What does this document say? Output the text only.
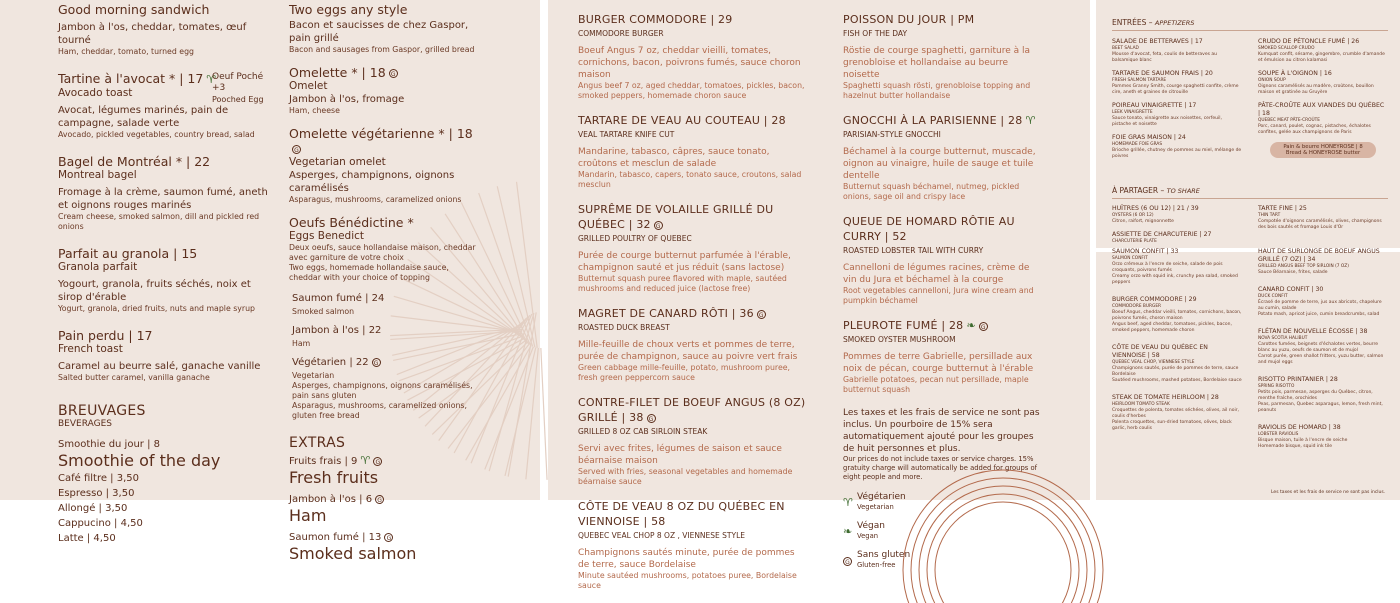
Good morning sandwich
Jambon à l'os, cheddar, tomates, œuf tourné
Ham, cheddar, tomato, turned egg
Tartine à l'avocat * | 17 ♈
Avocado toast
Avocat, légumes marinés, pain de campagne, salade verte
Avocado, pickled vegetables, country bread, salad
Oeuf Poché +3
Pooched Egg
Bagel de Montréal * | 22
Montreal bagel
Fromage à la crème, saumon fumé, aneth et oignons rouges marinés
Cream cheese, smoked salmon, dill and pickled red onions
Parfait au granola | 15
Granola parfait
Yogourt, granola, fruits séchés, noix et sirop d'érable
Yogurt, granola, dried fruits, nuts and maple syrup
Pain perdu | 17
French toast
Caramel au beurre salé, ganache vanille
Salted butter caramel, vanilla ganache
BREUVAGES
BEVERAGES
Smoothie du jour | 8
Smoothie of the day
Café filtre | 3,50
Espresso | 3,50
Allongé | 3,50
Cappucino | 4,50
Latte | 4,50
Two eggs any style
Bacon et saucisses de chez Gaspor, pain grillé
Bacon and sausages from Gaspor, grilled bread
Omelette * | 18 G
Omelet
Jambon à l'os, fromage
Ham, cheese
Omelette végétarienne * | 18G
Vegetarian omelet
Asperges, champignons, oignons caramélisés
Asparagus, mushrooms, caramelized onions
Oeufs Bénédictine *
Eggs Benedict
Deux oeufs, sauce hollandaise maison, cheddar avec garniture de votre choix
Two eggs, homemade hollandaise sauce, cheddar with your choice of topping
Saumon fumé | 24
Smoked salmon
Jambon à l'os | 22
Ham
Végétarien | 22 G
Vegetarian
Asperges, champignons, oignons caramélisés, pain sans gluten
Asparagus, mushrooms, caramelized onions, gluten free bread
EXTRAS
Fruits frais | 9 ♈ G
Fresh fruits
Jambon à l'os | 6 G
Ham
Saumon fumé | 13 G
Smoked salmon
BURGER COMMODORE | 29
COMMODORE BURGER
Boeuf Angus 7 oz, cheddar vieilli, tomates, cornichons, bacon, poivrons fumés, sauce choron maison
Angus beef 7 oz, aged cheddar, tomatoes, pickles, bacon, smoked peppers, homemade choron sauce
TARTARE DE VEAU AU COUTEAU | 28
VEAL TARTARE KNIFE CUT
Mandarine, tabasco, câpres, sauce tonato, croûtons et mesclun de salade
Mandarin, tabasco, capers, tonato sauce, croutons, salad mesclun
SUPRÊME DE VOLAILLE GRILLÉ DU QUÉBEC | 32 G
GRILLED POULTRY OF QUEBEC
Purée de courge butternut parfumée à l'érable, champignon sauté et jus réduit (sans lactose)
Butternut squash puree flavored with maple, sautéed mushrooms and reduced juice (lactose free)
MAGRET DE CANARD RÔTI | 36 G
ROASTED DUCK BREAST
Mille-feuille de choux verts et pommes de terre, purée de champignon, sauce au poivre vert frais
Green cabbage mille-feuille, potato, mushroom puree, fresh green peppercorn sauce
CONTRE-FILET DE BOEUF ANGUS (8 OZ) GRILLÉ | 38 G
GRILLED 8 OZ CAB SIRLOIN STEAK
Servi avec frites, légumes de saison et sauce béarnaise maison
Served with fries, seasonal vegetables and homemade béarnaise sauce
CÔTE DE VEAU 8 OZ DU QUÉBEC EN VIENNOISE | 58
QUEBEC VEAL CHOP 8 OZ , VIENNESE STYLE
Champignons sautés minute, purée de pommes de terre, sauce Bordelaise
Minute sautéed mushrooms, potatoes puree, Bordelaise sauce
POISSON DU JOUR | PM
FISH OF THE DAY
Röstie de courge spaghetti, garniture à la grenobloise et hollandaise au beurre noisette
Spaghetti squash rösti, grenobloise topping and hazelnut butter hollandaise
GNOCCHI À LA PARISIENNE | 28 ♈
PARISIAN-STYLE GNOCCHI
Béchamel à la courge butternut, muscade, oignon au vinaigre, huile de sauge et tuile dentelle
Butternut squash béchamel, nutmeg, pickled onions, sage oil and crispy lace
QUEUE DE HOMARD RÔTIE AU CURRY | 52
ROASTED LOBSTER TAIL WITH CURRY
Cannelloni de légumes racines, crème de vin du Jura et béchamel à la courge
Root vegetables cannelloni, Jura wine cream and pumpkin béchamel
PLEUROTE FUMÉ | 28 ❧ G
SMOKED OYSTER MUSHROOM
Pommes de terre Gabrielle, persillade aux noix de pécan, courge butternut à l'érable
Gabrielle potatoes, pecan nut persillade, maple butternut squash
Les taxes et les frais de service ne sont pas inclus. Un pourboire de 15% sera automatiquement ajouté pour les groupes de huit personnes et plus.
Our prices do not include taxes or service charges. 15% gratuity charge will automatically be added for groups of eight people and more.
♈ Végétarien
Vegetarian
❧ Végan
Vegan
G
Sans gluten
Gluten-free
ENTRÉES – APPETIZERS
SALADE DE BETTERAVES | 17
BEET SALAD
Mousse d'avocat, feta, coulis de betteraves au balsamique blanc
TARTARE DE SAUMON FRAIS | 20
FRESH SALMON TARTARE
Pommes Granny Smith, courge spaghetti confite, crème cire, aneth et graines de citrouille
POIREAU VINAIGRETTE | 17
LEEK VINAIGRETTE
Sauce tonato, vinaigrette aux noisettes, cerfeuil, pistache et noisette
FOIE GRAS MAISON | 24
HOMEMADE FOIE GRAS
Brioche grillée, chutney de pommes au miel, mélange de poivres
CRUDO DE PÉTONCLE FUMÉ | 26
SMOKED SCALLOP CRUDO
Kumquat confit, sésame, gingembre, crumble d'amande et émulsion au citron kalamasi
SOUPE À L'OIGNON | 16
ONION SOUP
Oignons caramélisés au madère, croûtons, bouillon maison et gratinée au Gruyère
PÂTE-CROÛTE AUX VIANDES DU QUÉBEC | 18
QUEBEC MEAT PÂTE-CROÛTE
Porc, canard, poulet, cognac, pistaches, échalotes confites, gelée aux champignons de Paris
Pain & beurre HONEYROSE | 8
Bread & HONEYROSE butter
À PARTAGER – TO SHARE
HUÎTRES (6 OU 12) | 21 / 39
OYSTERS (6 OR 12)
Citron, raifort, mignonnette
ASSIETTE DE CHARCUTERIE | 27
CHARCUTERIE PLATE
TARTE FINE | 25
THIN TART
Compotée d'oignons caramélisés, olives, champignons des bois sautés et fromage Louis d'Or
SAUMON CONFIT | 33
SALMON CONFIT
Orzo crémeux à l'encre de seiche, salade de pois croquants, poivrons fumés
Creamy orzo with squid ink, crunchy pea salad, smoked peppers
BURGER COMMODORE | 29
COMMODORE BURGER
Boeuf Angus, cheddar vieilli, tomates, cornichons, bacon, poivrons fumés, choron maison
Angus beef, aged cheddar, tomatoes, pickles, bacon, smoked peppers, homemade choron
CÔTE DE VEAU DU QUÉBEC EN VIENNOISE | 58
QUEBEC VEAL CHOP, VIENNESE STYLE
Champignons sautés, purée de pommes de terre, sauce Bordelaise
Sautéed mushrooms, mashed potatoes, Bordelaise sauce
STEAK DE TOMATE HEIRLOOM | 28
HEIRLOOM TOMATO STEAK
Croquettes de polenta, tomates séchées, olives, ail noir, coulis d'herbes
Polenta croquettes, sun-dried tomatoes, olives, black garlic, herb coulis
HAUT DE SURLONGE DE BOEUF ANGUS GRILLÉ (7 OZ) | 34
GRILLED ANGUS BEEF TOP SIRLOIN (7 OZ)
Sauce Béarnaise, frites, salade
CANARD CONFIT | 30
DUCK CONFIT
Écrasé de pomme de terre, jus aux abricots, chapelure au cumin, salade
Potato mash, apricot juice, cumin breadcrumbs, salad
FLÉTAN DE NOUVELLE ÉCOSSE | 38
NOVA SCOTIA HALIBUT
Carottes fumées, beignets d'échalotes vertes, beurre blanc au yuzu, oeufs de saumon et de mujol
Carrot purée, green shallot fritters, yuzu butter, salmon and mujol eggs
RISOTTO PRINTANIER | 28
SPRING RISOTTO
Petits pois, parmesan, asperges du Québec, citron, menthe fraîche, orochides
Peas, parmesan, Quebec asparagus, lemon, fresh mint, peanuts
RAVIOLIS DE HOMARD | 38
LOBSTER RAVIOLIS
Bisque maison, tuile à l'encre de seiche
Homemade bisque, squid ink tile
Les taxes et les frais de service ne sont pas inclus.
